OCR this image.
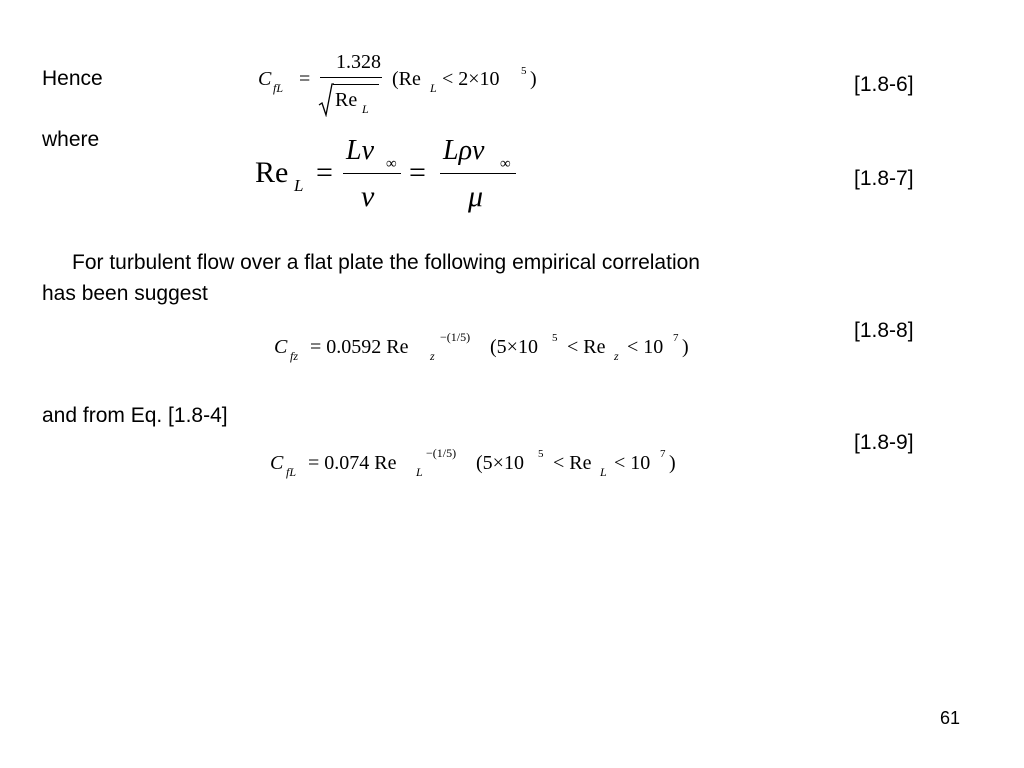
Hence
where
For turbulent flow over a flat plate the following empirical correlation
has been suggest
and from Eq. [1.8-4]
[1.8-6]
[1.8-7]
[1.8-8]
[1.8-9]
C fL =
1.328
Re L
(Re L < 2×10 5 )
Re L =
Lv ∞
ν
=
Lρv ∞
μ
C fz = 0.0592 Re z
−(1/5) (5×10 5 < Re z < 10 7 )
C fL = 0.074 Re L
−(1/5) (5×10 5 < Re L < 10 7 )
61
